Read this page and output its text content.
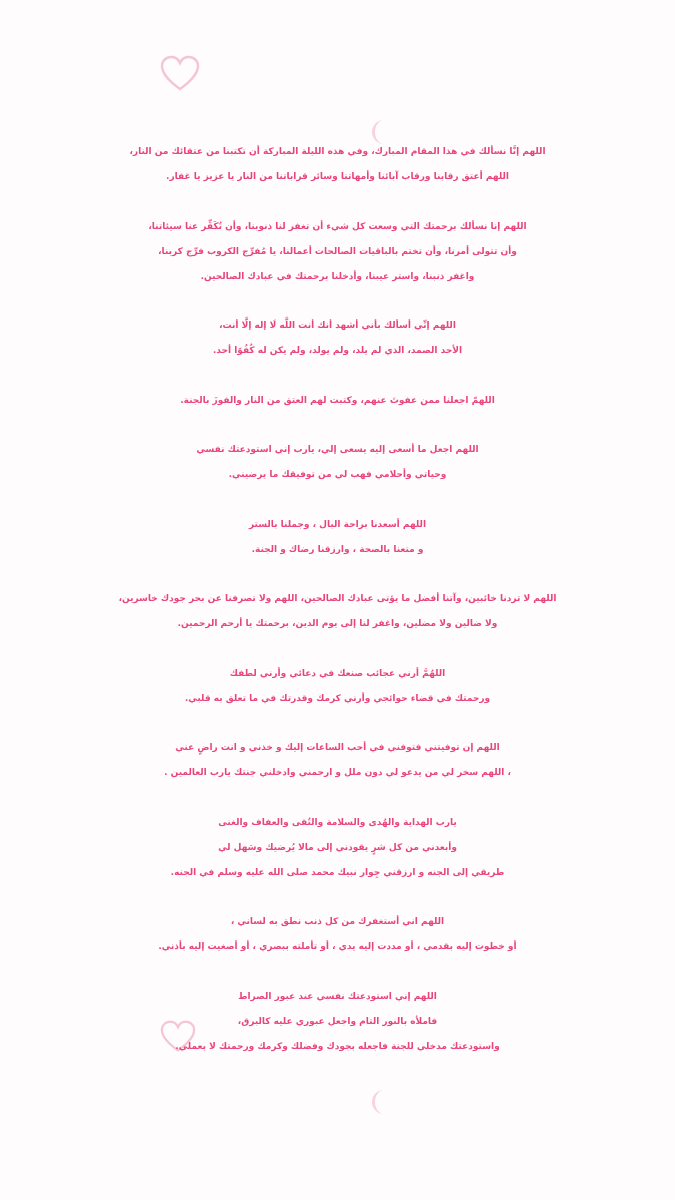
اللهم إنَّا نسألك في هذا المقام المبارك، وفي هذه الليلة المباركة أن تكتبنا من عتقائك من النار،
اللهم أعتق رقابنا ورقاب آبائنا وأمهاتنا وسائر قراباتنا من النار يا عزيز يا غفار.
اللهم إنا نسألك برحمتك التي وسعت كل شيء أن تغفر لنا ذنوبنا، وأن تُكَفِّر عنا سيئاتنا،
وأن تتولى أمرنا، وأن تختم بالباقيات الصالحات أعمالنا، يا مُفرِّج الكروب فرِّج كربنا،
واغفر ذنبنا، واستر عيبنا، وأدخلنا برحمتك في عبادك الصالحين.
اللهم إنِّي أسألك بأني أشهد أنك أنت اللَّه لَا إله إلَّا أنت،
الأحد الصمد، الذي لم يلد، ولم يولد، ولم يكن له كُفُوًا أحد.
اللهمّ اجعلنا ممن عفوتَ عنهم، وكتبت لهم العتق من النار والفوزَ بالجنة.
اللهم اجعل ما أسعى إليه يسعى إلي، يارب إني استودعتك نفسي
وحياتي وأحلامي فهب لي من توفيقك ما يرضيني.
اللهم أسعدنا براحة البال ، وجملنا بالستر
و متعنا بالصحة ، وارزقنا رضاك و الجنة.
اللهم لا تردنا خائبين، وآتنا أفضل ما يؤتى عبادك الصالحين، اللهم ولا تصرفنا عن بحر جودك خاسرين،
ولا ضالين ولا مضلين، واغفر لنا إلى يوم الدين، برحمتك يا أرحم الرحمين.
اللهُمَّ أرني عجائب صنعك في دعائي وأرني لطفك
ورحمتك في قضاء حوائجي وأرني كرمك وقدرتك في ما تعلق به قلبي.
اللهم إن توفيتني فتوفني في أحب الساعات إليك و خذني و انت راضٍ عني
، اللهم سخر لي من يدعو لي دون ملل و ارحمني وادخلني جنتك يارب العالمين .
يارب الهداية والهُدى والسلامة والتُقى والعفاف والغنى
وأبعدني من كل شرٍ يقودني إلى مالا يُرضيك وسَهل لي
طريقي إلى الجنه و ارزقني جِوار نبيك محمد صلى الله عليه وسلم في الجنه.
اللهم اني أستغفرك من كل ذنب نطق به لساني ،
أو خطوت إليه بقدمي ، أو مددت إليه يدي ، أو تأملته ببصري ، أو أصغيت إليه بأذني.
اللهم إني استودعتك نفسي عند عبور الصراط
فاملأه بالنور التام واجعل عبوري عليه كالبرق،
واستودعتك مدخلي للجنة فاجعله بجودك وفضلك وكرمك ورحمتك لا بعملي.
